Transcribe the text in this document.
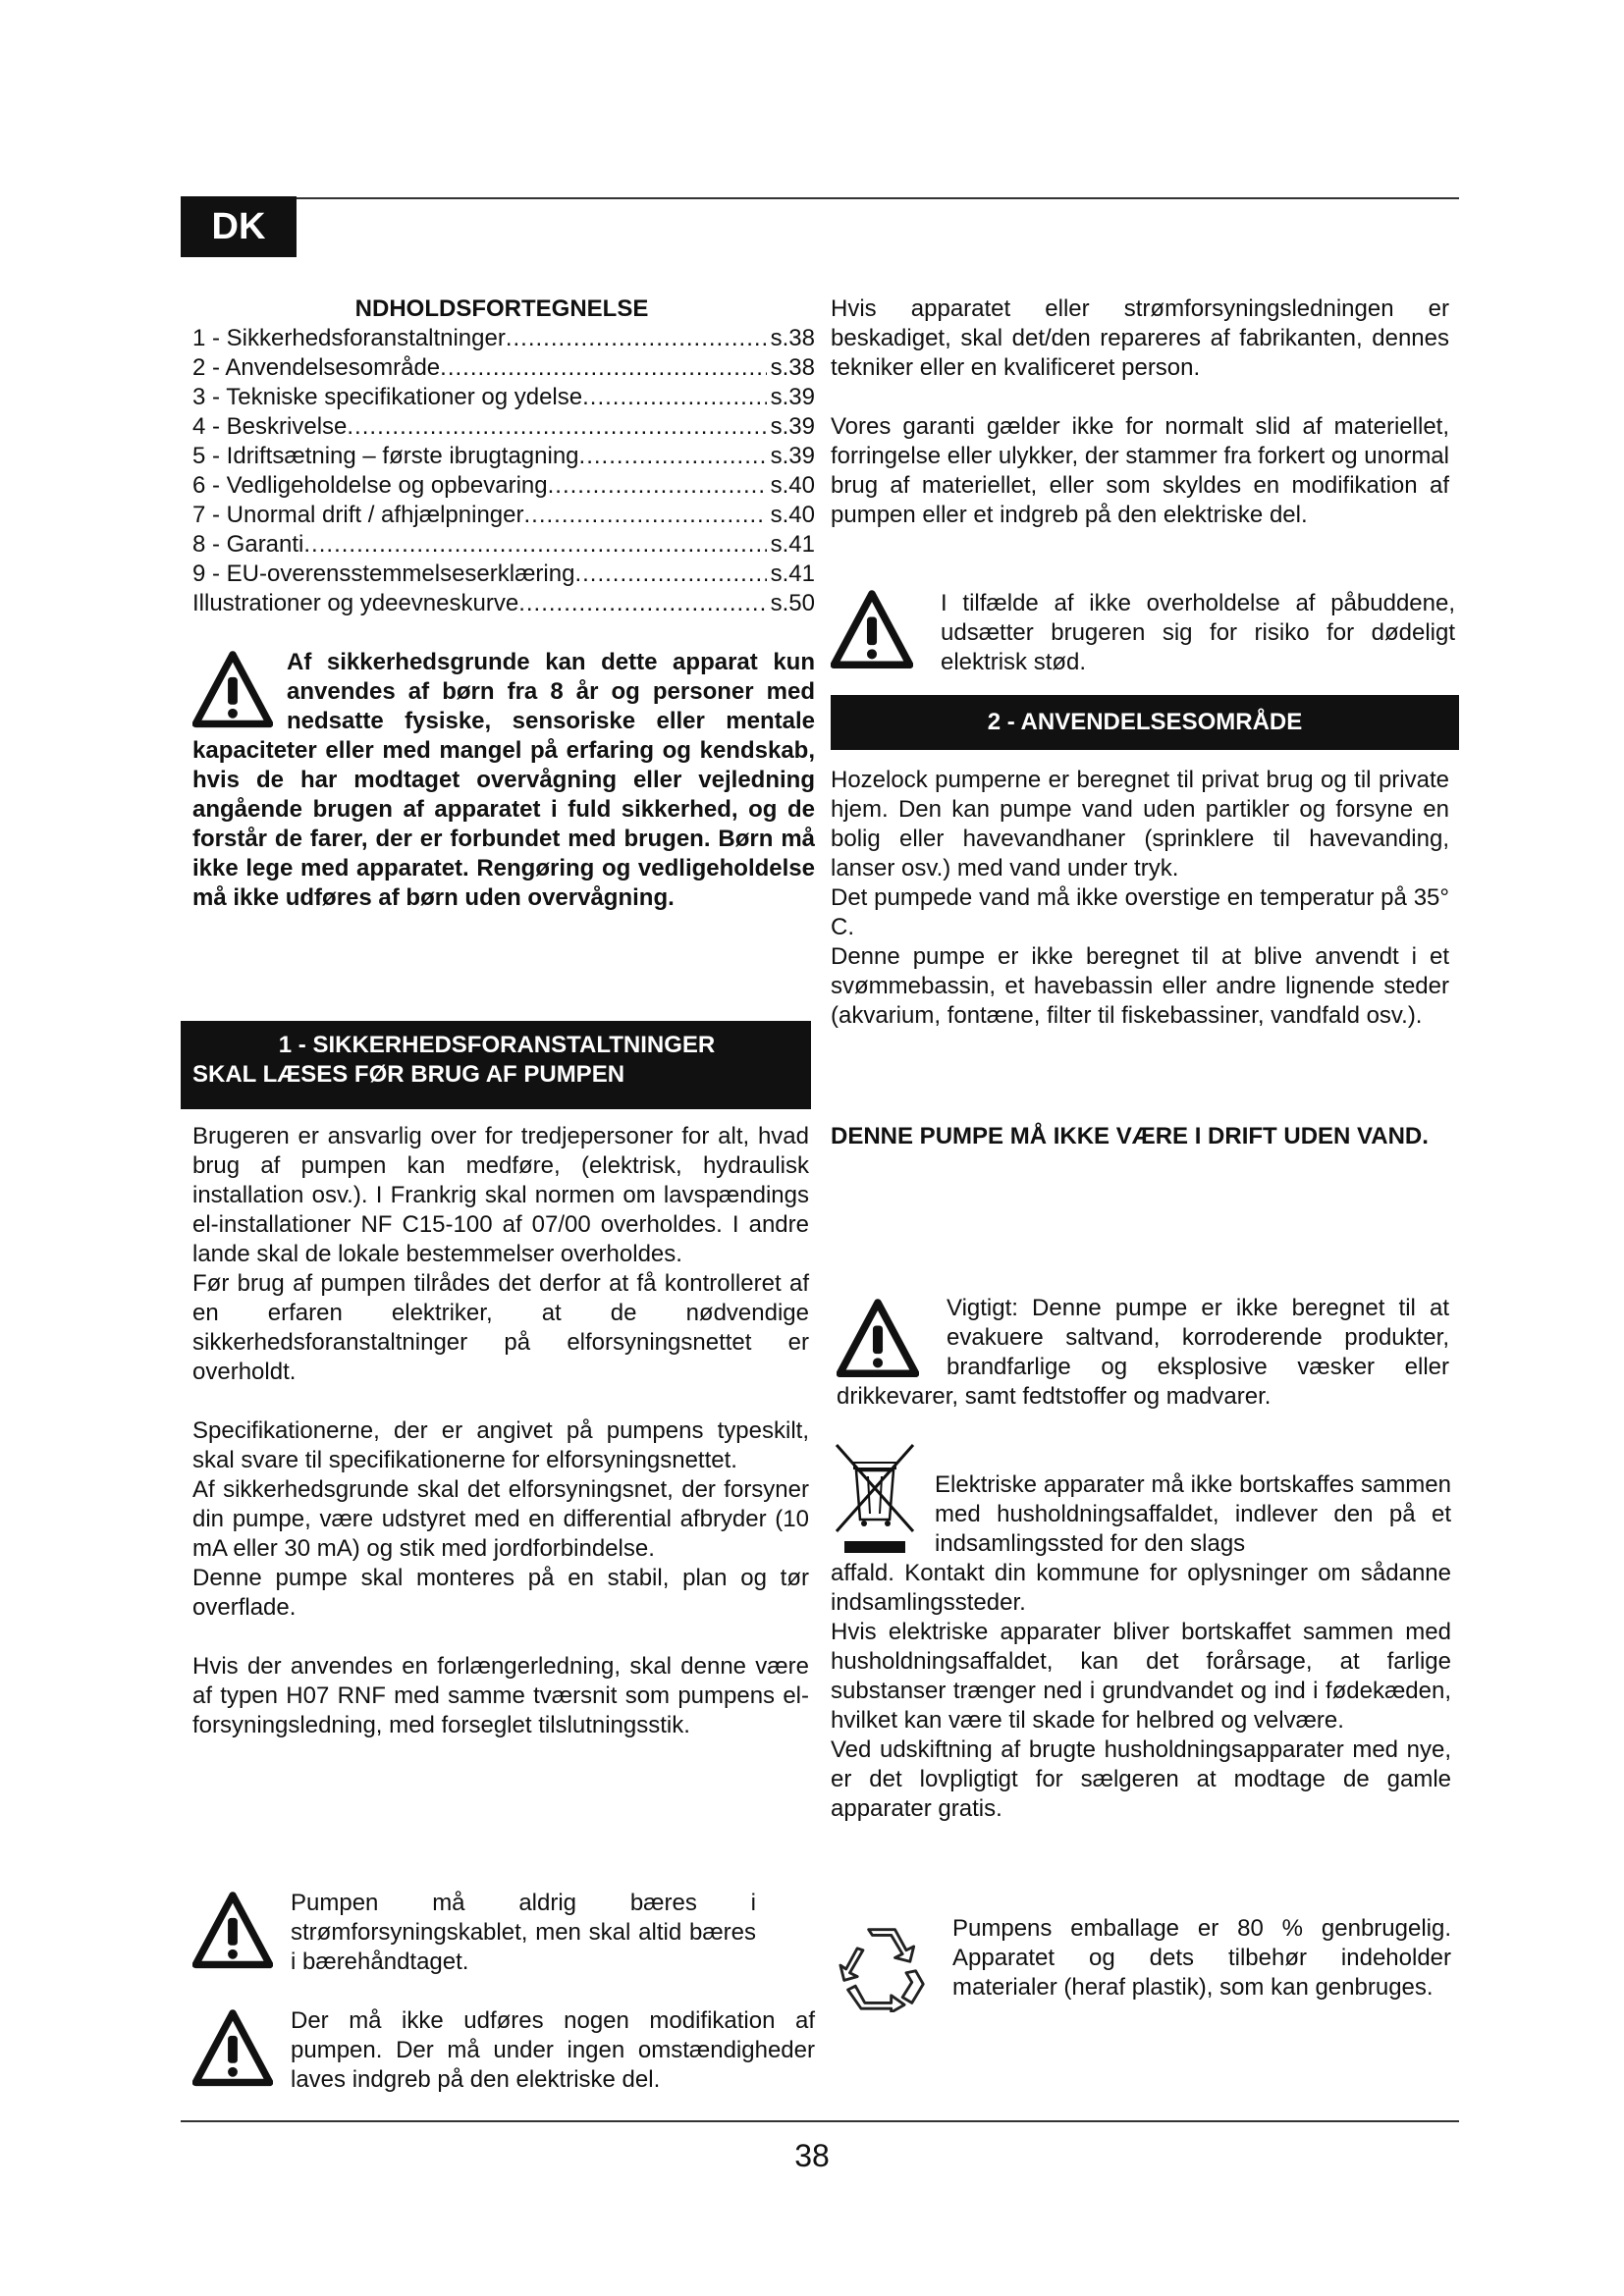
DK
NDHOLDSFORTEGNELSE
1 - Sikkerhedsforanstaltninger .....	s.38
2 - Anvendelsesområde .....	s.38
3 - Tekniske specifikationer og ydelse .....	s.39
4 - Beskrivelse .....	s.39
5 - Idriftsætning – første ibrugtagning .....	s.39
6 - Vedligeholdelse og opbevaring .....	s.40
7 - Unormal drift / afhjælpninger .....	s.40
8 - Garanti .....	s.41
9 - EU-overensstemmelseserklæring .....	s.41
Illustrationer og ydeevneskurve .....	s.50

Af sikkerhedsgrunde kan dette apparat kun anvendes af børn fra 8 år og personer med nedsatte fysiske, sensoriske eller mentale kapaciteter eller med mangel på erfaring og kendskab, hvis de har modtaget overvågning eller vejledning angående brugen af apparatet i fuld sikkerhed, og de forstår de farer, der er forbundet med brugen. Børn må ikke lege med apparatet. Rengøring og vedligeholdelse må ikke udføres af børn uden overvågning.

1 - SIKKERHEDSFORANSTALTNINGER
SKAL LÆSES FØR BRUG AF PUMPEN

Brugeren er ansvarlig over for tredjepersoner for alt, hvad brug af pumpen kan medføre, (elektrisk, hydraulisk installation osv.). I Frankrig skal normen om lavspændings el-installationer NF C15-100 af 07/00 overholdes. I andre lande skal de lokale bestemmelser overholdes.

Før brug af pumpen tilrådes det derfor at få kontrolleret af en erfaren elektriker, at de nødvendige sikkerhedsforanstaltninger på elforsyningsnettet er overholdt.

Specifikationerne, der er angivet på pumpens typeskilt, skal svare til specifikationerne for elforsyningsnettet.

Af sikkerhedsgrunde skal det elforsyningsnet, der forsyner din pumpe, være udstyret med en differential afbryder (10 mA eller 30 mA) og stik med jordforbindelse.

Denne pumpe skal monteres på en stabil, plan og tør overflade.

Hvis der anvendes en forlængerledning, skal denne være af typen H07 RNF med samme tværsnit som pumpens el-forsyningsledning, med forseglet tilslutningsstik.

Pumpen må aldrig bæres i strømforsyningskablet, men skal altid bæres i bærehåndtaget.

Der må ikke udføres nogen modifikation af pumpen. Der må under ingen omstændigheder laves indgreb på den elektriske del.

Hvis apparatet eller strømforsyningsledningen er beskadiget, skal det/den repareres af fabrikanten, dennes tekniker eller en kvalificeret person.

Vores garanti gælder ikke for normalt slid af materiellet, forringelse eller ulykker, der stammer fra forkert og unormal brug af materiellet, eller som skyldes en modifikation af pumpen eller et indgreb på den elektriske del.

I tilfælde af ikke overholdelse af påbuddene, udsætter brugeren sig for risiko for dødeligt elektrisk stød.

2 - ANVENDELSESOMRÅDE

Hozelock pumperne er beregnet til privat brug og til private hjem. Den kan pumpe vand uden partikler og forsyne en bolig eller havevandhaner (sprinklere til havevanding, lanser osv.) med vand under tryk.

Det pumpede vand må ikke overstige en temperatur på 35° C.

Denne pumpe er ikke beregnet til at blive anvendt i et svømmebassin, et havebassin eller andre lignende steder (akvarium, fontæne, filter til fiskebassiner, vandfald osv.).

DENNE PUMPE MÅ IKKE VÆRE I DRIFT UDEN VAND.

Vigtigt: Denne pumpe er ikke beregnet til at evakuere saltvand, korroderende produkter, brandfarlige og eksplosive væsker eller drikkevarer, samt fedtstoffer og madvarer.

Elektriske apparater må ikke bortskaffes sammen med husholdningsaffaldet, indlever den på et indsamlingssted for den slags

affald. Kontakt din kommune for oplysninger om sådanne indsamlingssteder.

Hvis elektriske apparater bliver bortskaffet sammen med husholdningsaffaldet, kan det forårsage, at farlige substanser trænger ned i grundvandet og ind i fødekæden, hvilket kan være til skade for helbred og velvære.

Ved udskiftning af brugte husholdningsapparater med nye, er det lovpligtigt for sælgeren at modtage de gamle apparater gratis.

Pumpens emballage er 80 % genbrugelig. Apparatet og dets tilbehør indeholder materialer (heraf plastik), som kan genbruges.

38
